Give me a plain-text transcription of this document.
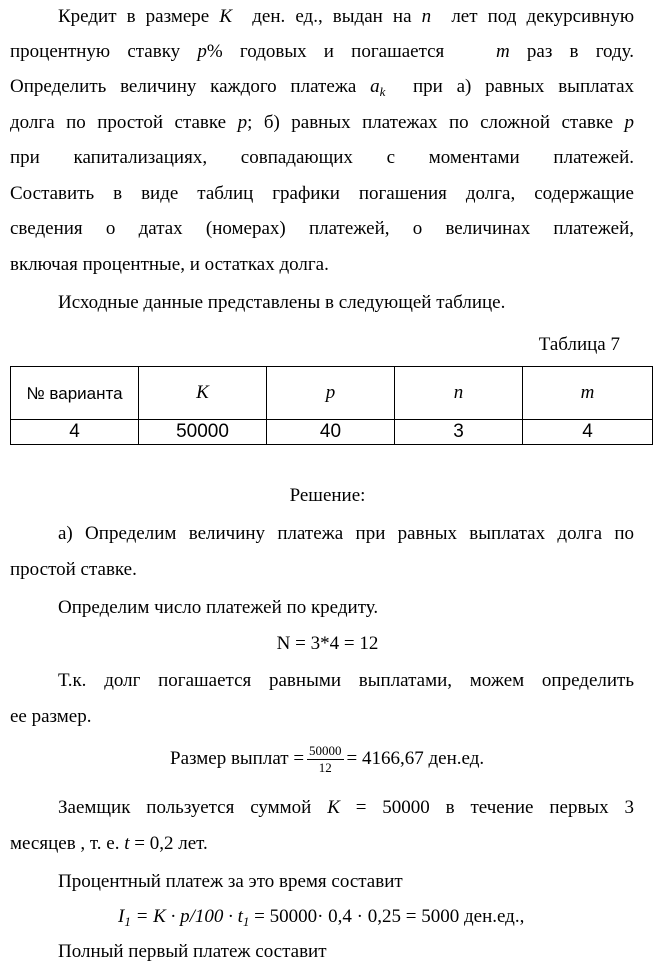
Кредит в размере K ден. ед., выдан на n лет под декурсивную
процентную ставку p% годовых и погашается	m раз в году.
Определить величину каждого платежа $a_k$ при а) равных выплатах
долга по простой ставке p; б) равных платежах по сложной ставке p
при капитализациях, совпадающих с моментами платежей.
Составить в виде таблиц графики погашения долга, содержащие
сведения о датах (номерах) платежей, о величинах платежей,
включая процентные, и остатках долга.
Исходные данные представлены в следующей таблице.
Таблица 7
№ варианта	K	p	n	m
4	50000	40	3	4
Решение:
а) Определим величину платежа при равных выплатах долга по
простой ставке.
Определим число платежей по кредиту.
N = 3*4 = 12
Т.к. долг погашается равными выплатами, можем определить
ее размер.
Размер выплат = $\frac{50000}{12} = 4166,67$ ден.ед.
Заемщик пользуется суммой K = 50000 в течение первых 3
месяцев , т. е. t = 0,2 лет.
Процентный платеж за это время составит
$I_1 = K \cdot p/100 \cdot t_1 = 50000\cdot 0,4 \cdot 0,25 = 5000$ ден.ед.,
Полный первый платеж составит
